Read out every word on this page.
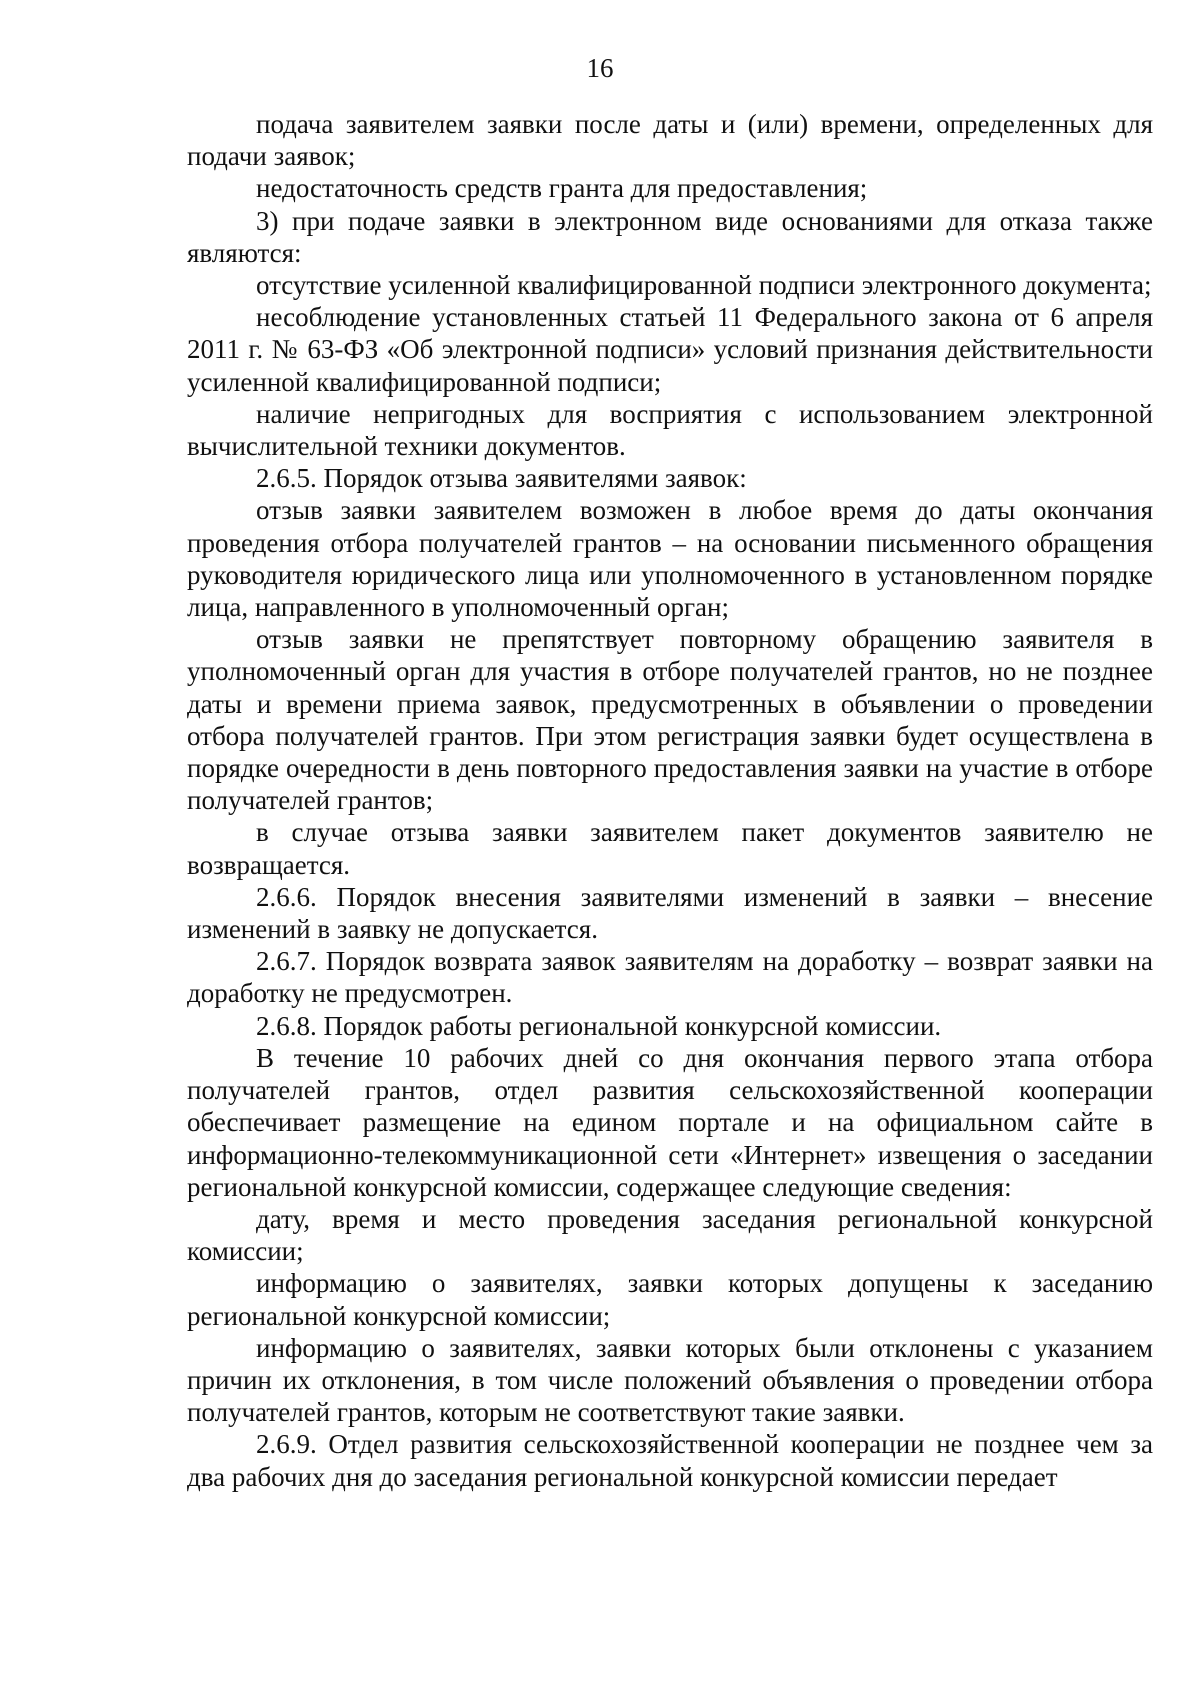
16

подача заявителем заявки после даты и (или) времени, определенных для подачи заявок;

недостаточность средств гранта для предоставления;

3) при подаче заявки в электронном виде основаниями для отказа также являются:

отсутствие усиленной квалифицированной подписи электронного документа;

несоблюдение установленных статьей 11 Федерального закона от 6 апреля 2011 г. № 63-ФЗ «Об электронной подписи» условий признания действительности усиленной квалифицированной подписи;

наличие непригодных для восприятия с использованием электронной вычислительной техники документов.

2.6.5. Порядок отзыва заявителями заявок:

отзыв заявки заявителем возможен в любое время до даты окончания проведения отбора получателей грантов – на основании письменного обращения руководителя юридического лица или уполномоченного в установленном порядке лица, направленного в уполномоченный орган;

отзыв заявки не препятствует повторному обращению заявителя в уполномоченный орган для участия в отборе получателей грантов, но не позднее даты и времени приема заявок, предусмотренных в объявлении о проведении отбора получателей грантов. При этом регистрация заявки будет осуществлена в порядке очередности в день повторного предоставления заявки на участие в отборе получателей грантов;

в случае отзыва заявки заявителем пакет документов заявителю не возвращается.

2.6.6. Порядок внесения заявителями изменений в заявки – внесение изменений в заявку не допускается.

2.6.7. Порядок возврата заявок заявителям на доработку – возврат заявки на доработку не предусмотрен.

2.6.8. Порядок работы региональной конкурсной комиссии.

В течение 10 рабочих дней со дня окончания первого этапа отбора получателей грантов, отдел развития сельскохозяйственной кооперации обеспечивает размещение на едином портале и на официальном сайте в информационно-телекоммуникационной сети «Интернет» извещения о заседании региональной конкурсной комиссии, содержащее следующие сведения:

дату, время и место проведения заседания региональной конкурсной комиссии;

информацию о заявителях, заявки которых допущены к заседанию региональной конкурсной комиссии;

информацию о заявителях, заявки которых были отклонены с указанием причин их отклонения, в том числе положений объявления о проведении отбора получателей грантов, которым не соответствуют такие заявки.

2.6.9. Отдел развития сельскохозяйственной кооперации не позднее чем за два рабочих дня до заседания региональной конкурсной комиссии передает
